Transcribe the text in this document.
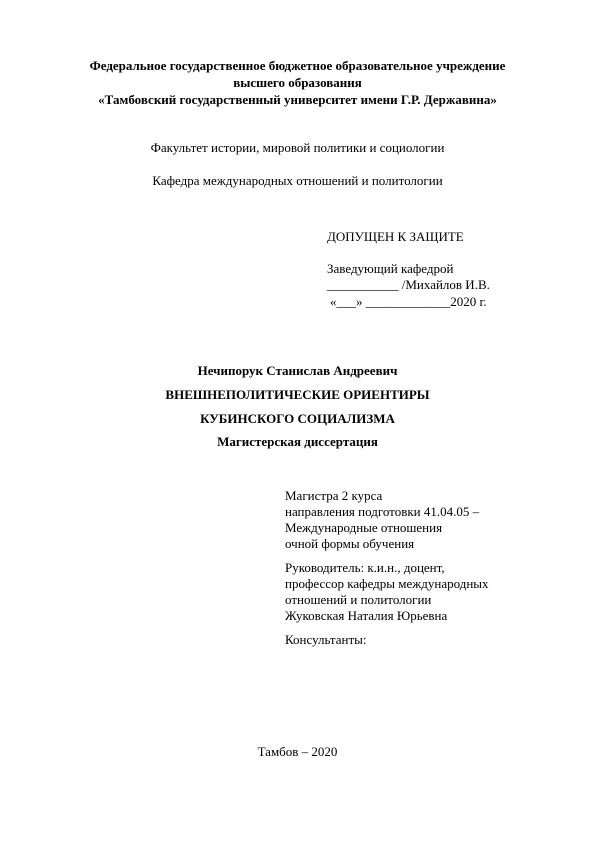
Федеральное государственное бюджетное образовательное учреждение
высшего образования
«Тамбовский государственный университет имени Г.Р. Державина»
Факультет истории, мировой политики и социологии
Кафедра международных отношений и политологии
ДОПУЩЕН К ЗАЩИТЕ
Заведующий кафедрой
___________ /Михайлов И.В.
«___» _____________2020 г.
Нечипорук Станислав Андреевич
ВНЕШНЕПОЛИТИЧЕСКИЕ ОРИЕНТИРЫ
КУБИНСКОГО СОЦИАЛИЗМА
Магистерская диссертация
Магистра 2 курса
направления подготовки 41.04.05 –
Международные отношения
очной формы обучения
Руководитель: к.и.н., доцент,
профессор кафедры международных
отношений и политологии
Жуковская Наталия Юрьевна
Консультанты:
Тамбов – 2020
